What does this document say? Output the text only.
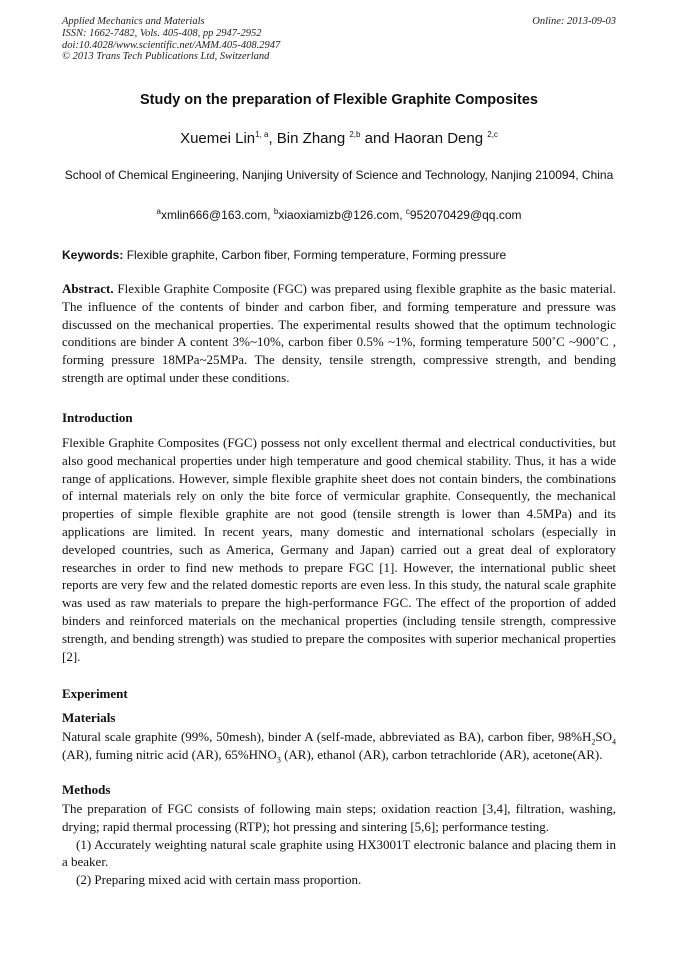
Applied Mechanics and Materials
ISSN: 1662-7482, Vols. 405-408, pp 2947-2952
doi:10.4028/www.scientific.net/AMM.405-408.2947
© 2013 Trans Tech Publications Ltd, Switzerland
Online: 2013-09-03
Study on the preparation of Flexible Graphite Composites
Xuemei Lin$^{1, a}$, Bin Zhang $^{2,b}$ and Haoran Deng $^{2,c}$
School of Chemical Engineering, Nanjing University of Science and Technology, Nanjing 210094, China
$^a$xmlin666@163.com, $^b$xiaoxiamizb@126.com, $^c$952070429@qq.com
Keywords: Flexible graphite, Carbon fiber, Forming temperature, Forming pressure
Abstract. Flexible Graphite Composite (FGC) was prepared using flexible graphite as the basic material. The influence of the contents of binder and carbon fiber, and forming temperature and pressure was discussed on the mechanical properties. The experimental results showed that the optimum technologic conditions are binder A content 3%~10%, carbon fiber 0.5% ~1%, forming temperature 500˚C ~900˚C , forming pressure 18MPa~25MPa. The density, tensile strength, compressive strength, and bending strength are optimal under these conditions.
Introduction
Flexible Graphite Composites (FGC) possess not only excellent thermal and electrical conductivities, but also good mechanical properties under high temperature and good chemical stability. Thus, it has a wide range of applications. However, simple flexible graphite sheet does not contain binders, the combinations of internal materials rely on only the bite force of vermicular graphite. Consequently, the mechanical properties of simple flexible graphite are not good (tensile strength is lower than 4.5MPa) and its applications are limited. In recent years, many domestic and international scholars (especially in developed countries, such as America, Germany and Japan) carried out a great deal of exploratory researches in order to find new methods to prepare FGC [1]. However, the international public sheet reports are very few and the related domestic reports are even less. In this study, the natural scale graphite was used as raw materials to prepare the high-performance FGC. The effect of the proportion of added binders and reinforced materials on the mechanical properties (including tensile strength, compressive strength, and bending strength) was studied to prepare the composites with superior mechanical properties [2].
Experiment
Materials
Natural scale graphite (99%, 50mesh), binder A (self-made, abbreviated as BA), carbon fiber, $98\%H_2SO_4$ (AR), fuming nitric acid (AR), $65\%HNO_3$ (AR), ethanol (AR), carbon tetrachloride (AR), acetone(AR).
Methods

The preparation of FGC consists of following main steps; oxidation reaction [3,4], filtration, washing, drying; rapid thermal processing (RTP); hot pressing and sintering [5,6]; performance testing.

(1) Accurately weighting natural scale graphite using HX3001T electronic balance and placing them in a beaker.

(2) Preparing mixed acid with certain mass proportion.
